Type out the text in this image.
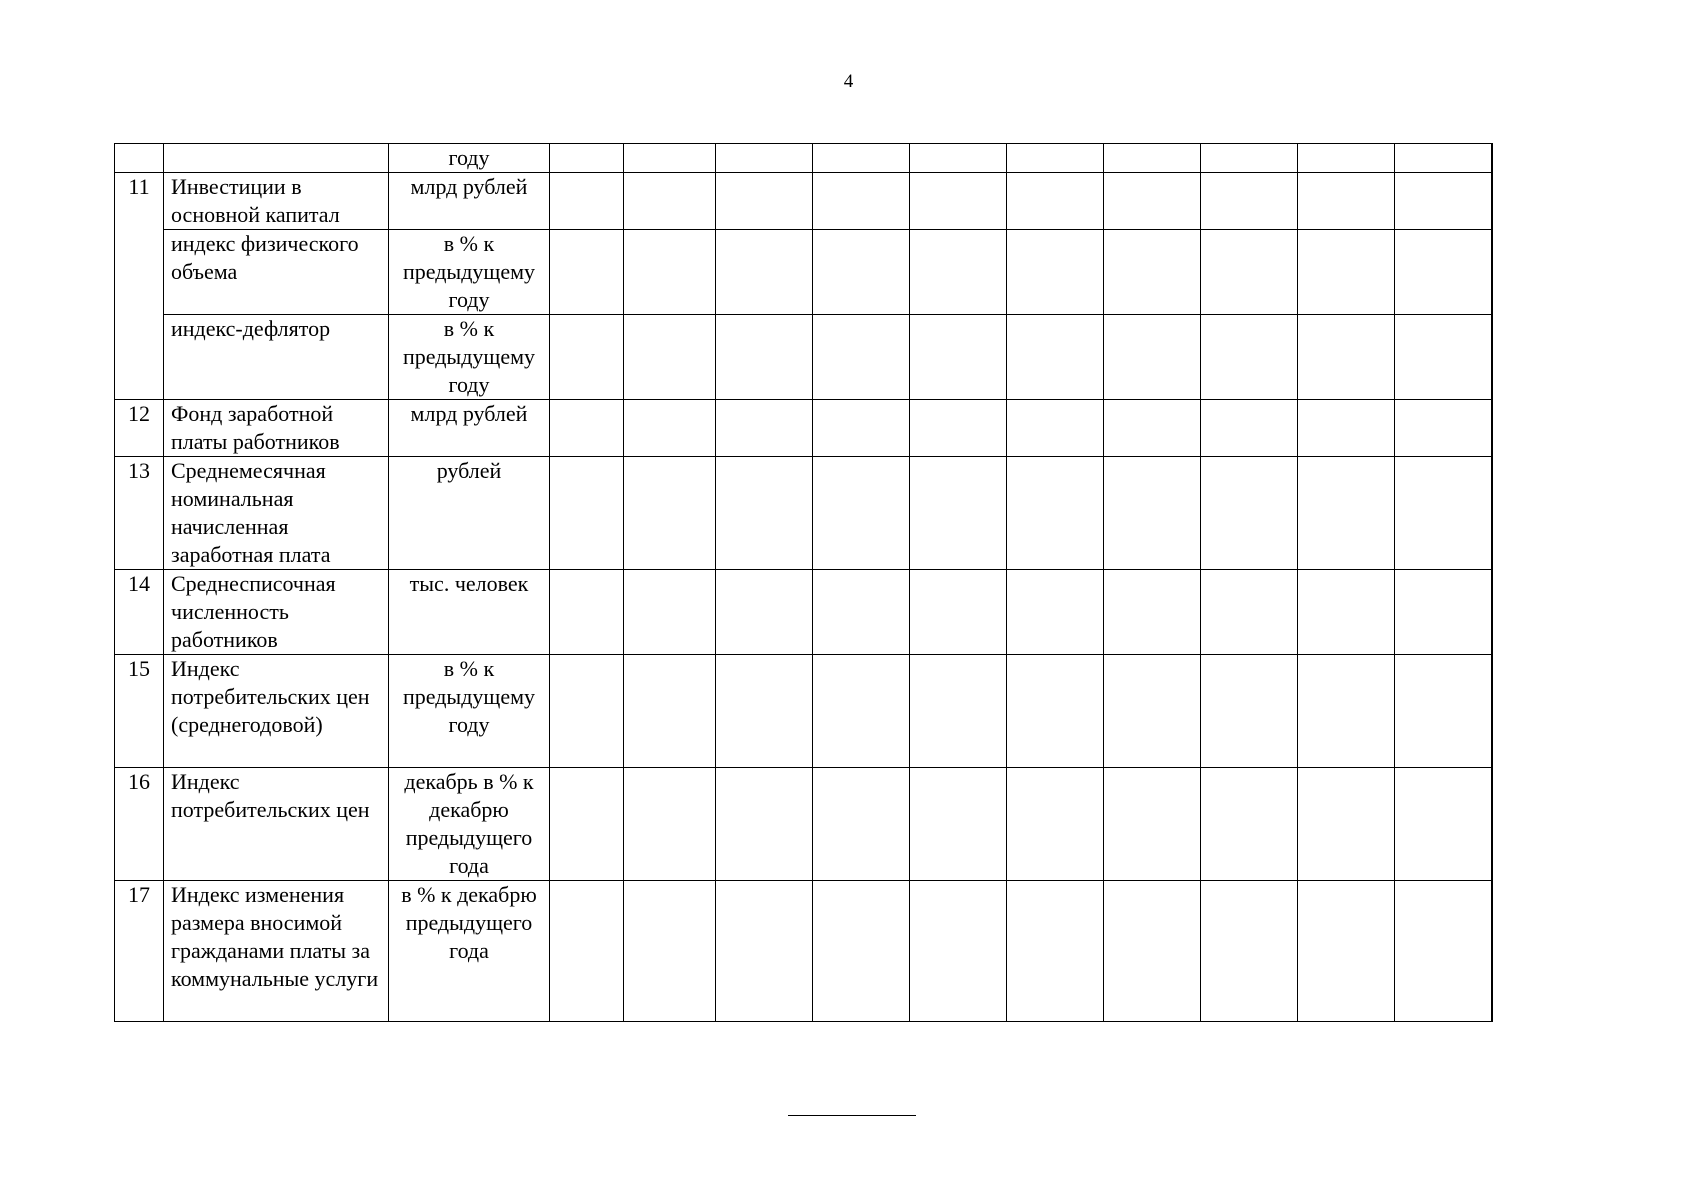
4
		году											
11	Инвестиции в основной капитал	млрд рублей											
	индекс физического объема	в % к предыдущему году											
	индекс-дефлятор	в % к предыдущему году											
12	Фонд заработной платы работников	млрд рублей											
13	Среднемесячная номинальная начисленная заработная плата	рублей											
14	Среднесписочная численность работников	тыс. человек											
15	Индекс потребительских цен (среднегодовой)	в % к предыдущему году											
16	Индекс потребительских цен	декабрь в % к декабрю предыдущего года											
17	Индекс изменения размера вносимой гражданами платы за коммунальные услуги	в % к декабрю предыдущего года											
